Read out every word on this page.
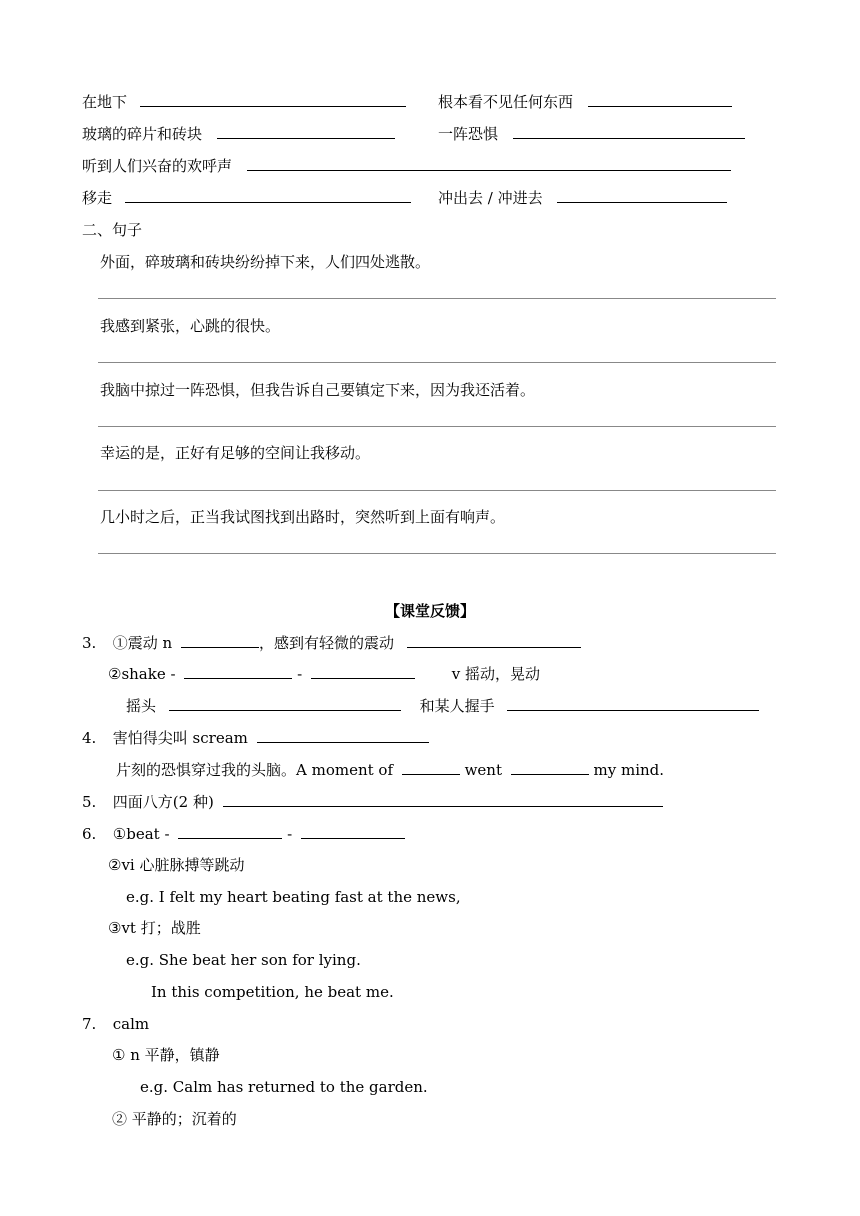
在地下	根本看不见任何东西
玻璃的碎片和砖块	一阵恐惧
听到人们兴奋的欢呼声
移走	冲出去 / 冲进去
二、句子
外面，碎玻璃和砖块纷纷掉下来，人们四处逃散。
我感到紧张，心跳的很快。
我脑中掠过一阵恐惧，但我告诉自己要镇定下来，因为我还活着。
幸运的是，正好有足够的空间让我移动。
几小时之后，正当我试图找到出路时，突然听到上面有响声。
【课堂反馈】
3. ①震动 n	，感到有轻微的震动
②shake -	-	v 摇动，晃动
摇头	和某人握手
4. 害怕得尖叫 scream
片刻的恐惧穿过我的头脑。A moment of	went	my mind.
5. 四面八方(2 种)
6. ①beat -	-
②vi 心脏脉搏等跳动
e.g. I felt my heart beating fast at the news,
③vt 打；战胜
e.g. She beat her son for lying.
In this competition, he beat me.
7. calm
① n 平静，镇静
e.g. Calm has returned to the garden.
② 平静的；沉着的
